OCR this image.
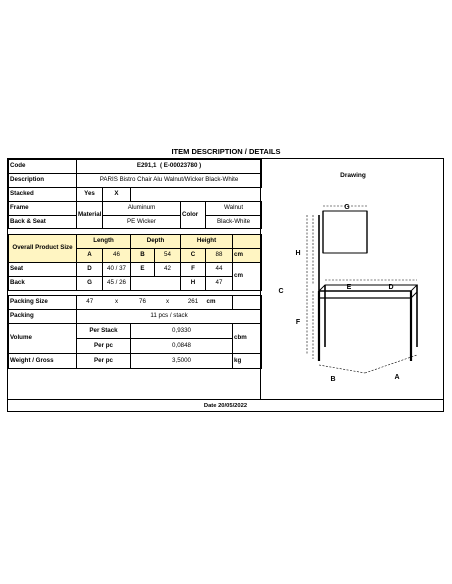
ITEM DESCRIPTION / DETAILS
Code	E291,1 ( E-00023780 )						
Description	PARIS Bistro Chair Alu Walnut/Wicker Black-White						
Stacked	Yes	X					
Frame	Material	Aluminum			Color	Walnut	
Back & Seat		PE Wicker				Black-White	

Overall Product Size	Length		Depth		Height		
	A	46	B	54	C	88	cm
Seat	D	40 / 37	E	42	F	44	cm
Back	G	45 / 26			H	47	

Packing Size	47	x	76	x	261	cm	
Packing	11 pcs / stack						
Volume	Per Stack		0,9330				cbm
	Per pc		0,0848				
Weight / Gross	Per pc		3,5000				kg
Drawing
G
H
C
E	D
F
B	A
Date 20/05/2022
